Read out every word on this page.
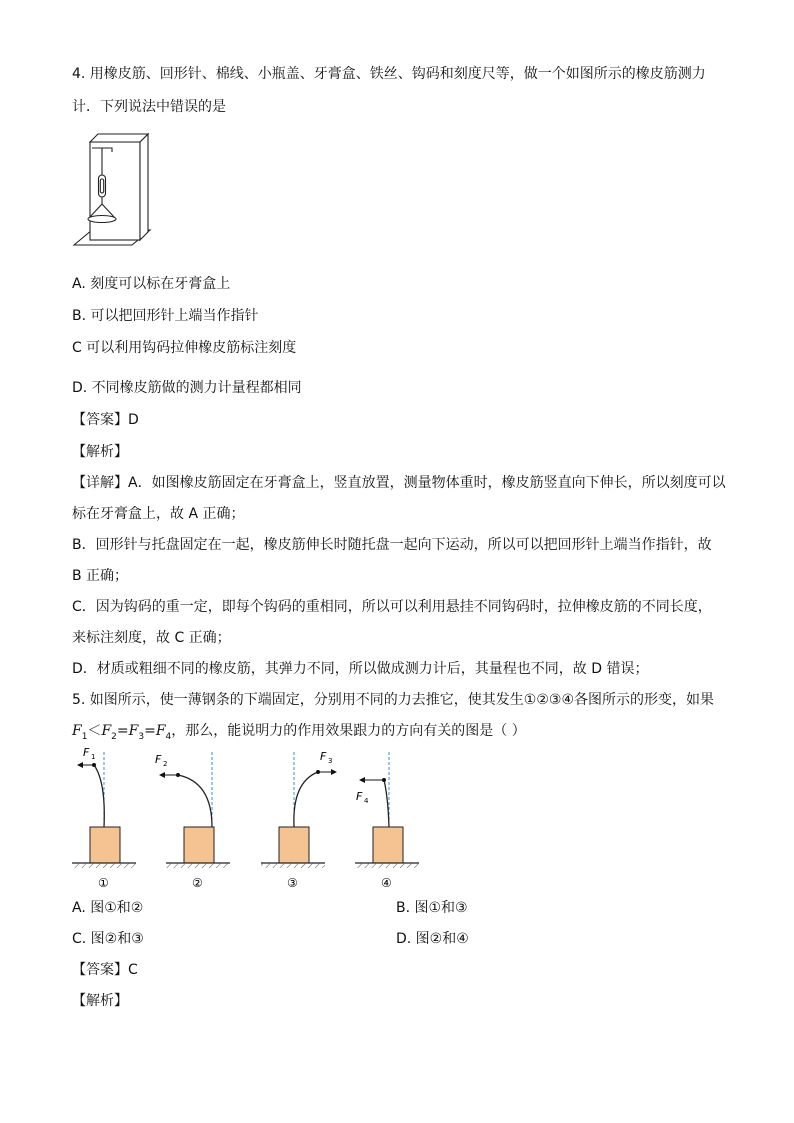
4. 用橡皮筋、回形针、棉线、小瓶盖、牙膏盒、铁丝、钩码和刻度尺等，做一个如图所示的橡皮筋测力
计．下列说法中错误的是
A. 刻度可以标在牙膏盒上
B. 可以把回形针上端当作指针
C 可以利用钩码拉伸橡皮筋标注刻度
D. 不同橡皮筋做的测力计量程都相同
【答案】D
【解析】
【详解】A．如图橡皮筋固定在牙膏盒上，竖直放置，测量物体重时，橡皮筋竖直向下伸长，所以刻度可以
标在牙膏盒上，故 A 正确；
B．回形针与托盘固定在一起，橡皮筋伸长时随托盘一起向下运动，所以可以把回形针上端当作指针，故
B 正确；
C．因为钩码的重一定，即每个钩码的重相同，所以可以利用悬挂不同钩码时，拉伸橡皮筋的不同长度，
来标注刻度，故 C 正确；
D．材质或粗细不同的橡皮筋，其弹力不同，所以做成测力计后，其量程也不同，故 D 错误；
5. 如图所示，使一薄钢条的下端固定，分别用不同的力去推它，使其发生①②③④各图所示的形变，如果
$F_1<F_2=F_3=F_4$，那么，能说明力的作用效果跟力的方向有关的图是（ ）
F 1
①
F 2
②
F 3
③
F 4
④
A. 图①和②	B. 图①和③
C. 图②和③	D. 图②和④
【答案】C
【解析】
